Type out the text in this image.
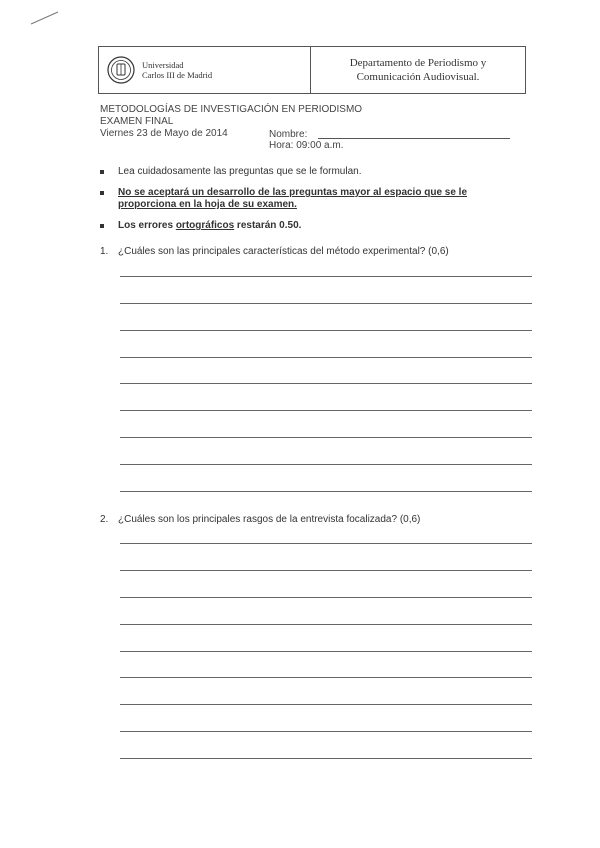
Universidad
Carlos III de Madrid
Departamento de Periodismo y
Comunicación Audiovisual.
METODOLOGÍAS DE INVESTIGACIÓN EN PERIODISMO
EXAMEN FINAL
Viernes 23 de Mayo de 2014	Nombre:
Hora: 09:00 a.m.
Lea cuidadosamente las preguntas que se le formulan.
No se aceptará un desarrollo de las preguntas mayor al espacio que se le proporciona en la hoja de su examen.
Los errores ortográficos restarán 0.50.
1. ¿Cuáles son las principales características del método experimental? (0,6)
2. ¿Cuáles son los principales rasgos de la entrevista focalizada? (0,6)
